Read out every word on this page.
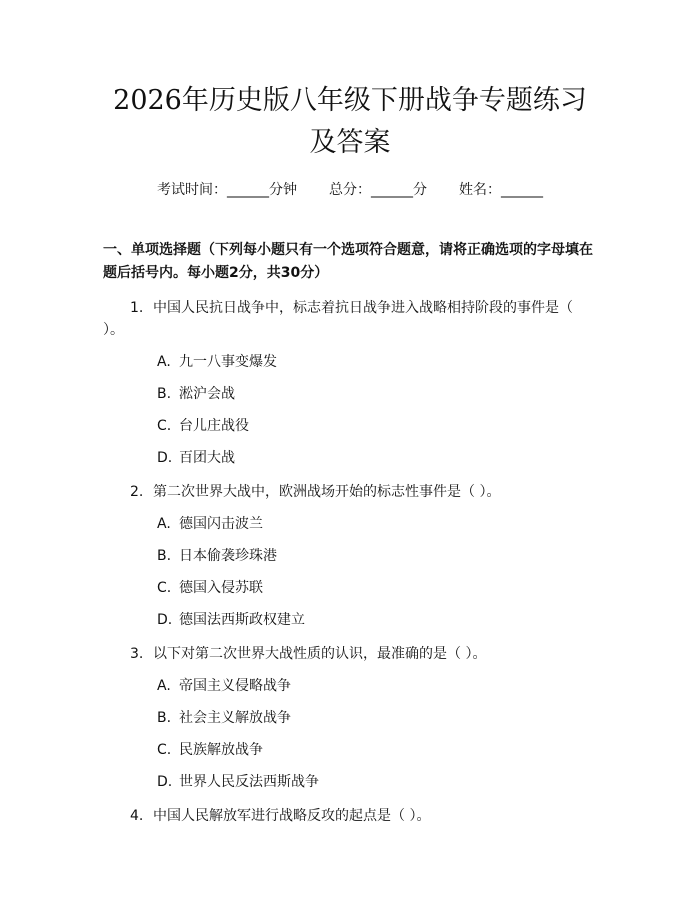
2026年历史版八年级下册战争专题练习及答案
考试时间：______分钟 总分：______分 姓名：______
一、单项选择题（下列每小题只有一个选项符合题意，请将正确选项的字母填在题后括号内。每小题2分，共30分）
1. 中国人民抗日战争中，标志着抗日战争进入战略相持阶段的事件是（ ）。
A. 九一八事变爆发
B. 淞沪会战
C. 台儿庄战役
D. 百团大战
2. 第二次世界大战中，欧洲战场开始的标志性事件是（ ）。
A. 德国闪击波兰
B. 日本偷袭珍珠港
C. 德国入侵苏联
D. 德国法西斯政权建立
3. 以下对第二次世界大战性质的认识，最准确的是（ ）。
A. 帝国主义侵略战争
B. 社会主义解放战争
C. 民族解放战争
D. 世界人民反法西斯战争
4. 中国人民解放军进行战略反攻的起点是（ ）。
